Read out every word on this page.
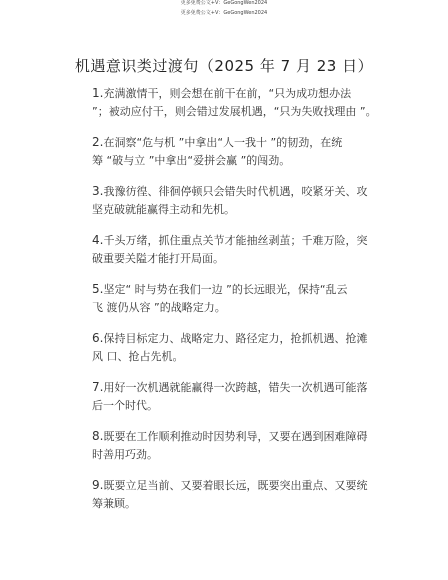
更多免费公文+V：GeGongWen2024
更多免费公文+V：GeGongWen2024
机遇意识类过渡句（2025 年 7 月 23 日）
1.充满激情干，则会想在前干在前，“只为成功想办法
”；被动应付干，则会错过发展机遇，“只为失败找理由 ”。
2.在洞察“危与机 ”中拿出“人一我十 ”的韧劲，在统
筹 “破与立 ”中拿出“爱拼会赢 ”的闯劲。
3.我豫彷徨、徘徊停顿只会错失时代机遇，咬紧牙关、攻
坚克破就能赢得主动和先机。
4.千头万绪，抓住重点关节才能抽丝剥茧；千难万险，突
破重要关隘才能打开局面。
5.坚定“ 时与势在我们一边 ”的长远眼光，保持“乱云
飞 渡仍从容 ”的战略定力。
6.保持目标定力、战略定力、路径定力，抢抓机遇、抢滩
风 口、抢占先机。
7.用好一次机遇就能赢得一次跨越，错失一次机遇可能落
后一个时代。
8.既要在工作顺利推动时因势利导，又要在遇到困难障碍
时善用巧劲。
9.既要立足当前、又要着眼长远，既要突出重点、又要统
筹兼顾。
